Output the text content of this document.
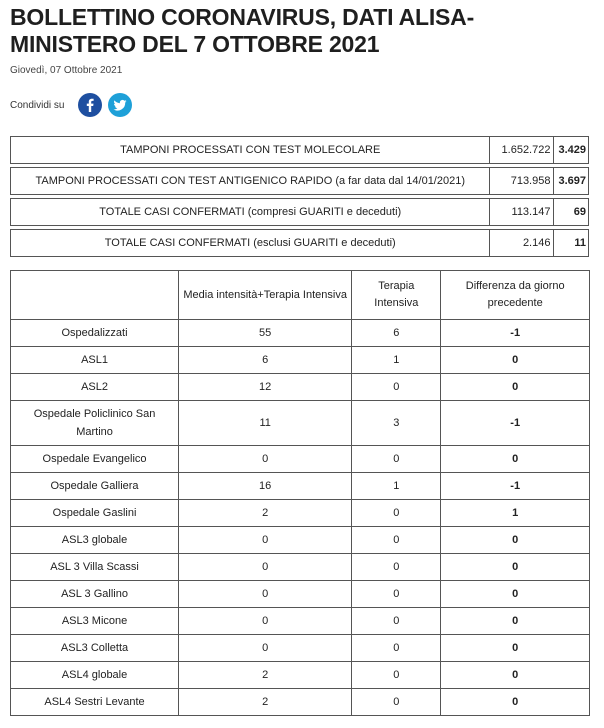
BOLLETTINO CORONAVIRUS, DATI ALISA-MINISTERO DEL 7 OTTOBRE 2021
Giovedì, 07 Ottobre 2021
Condividi su
TAMPONI PROCESSATI CON TEST MOLECOLARE	1.652.722	3.429

TAMPONI PROCESSATI CON TEST ANTIGENICO RAPIDO (a far data dal 14/01/2021)	713.958	3.697

TOTALE CASI CONFERMATI (compresi GUARITI e deceduti)	113.147	69

TOTALE CASI CONFERMATI (esclusi GUARITI e deceduti)	2.146	11
	Media intensità+Terapia Intensiva	Terapia Intensiva	Differenza da giorno precedente
Ospedalizzati	55	6	-1
ASL1	6	1	0
ASL2	12	0	0
Ospedale Policlinico San Martino	11	3	-1
Ospedale Evangelico	0	0	0
Ospedale Galliera	16	1	-1
Ospedale Gaslini	2	0	1
ASL3 globale	0	0	0
ASL 3 Villa Scassi	0	0	0
ASL 3 Gallino	0	0	0
ASL3 Micone	0	0	0
ASL3 Colletta	0	0	0
ASL4 globale	2	0	0
ASL4 Sestri Levante	2	0	0
